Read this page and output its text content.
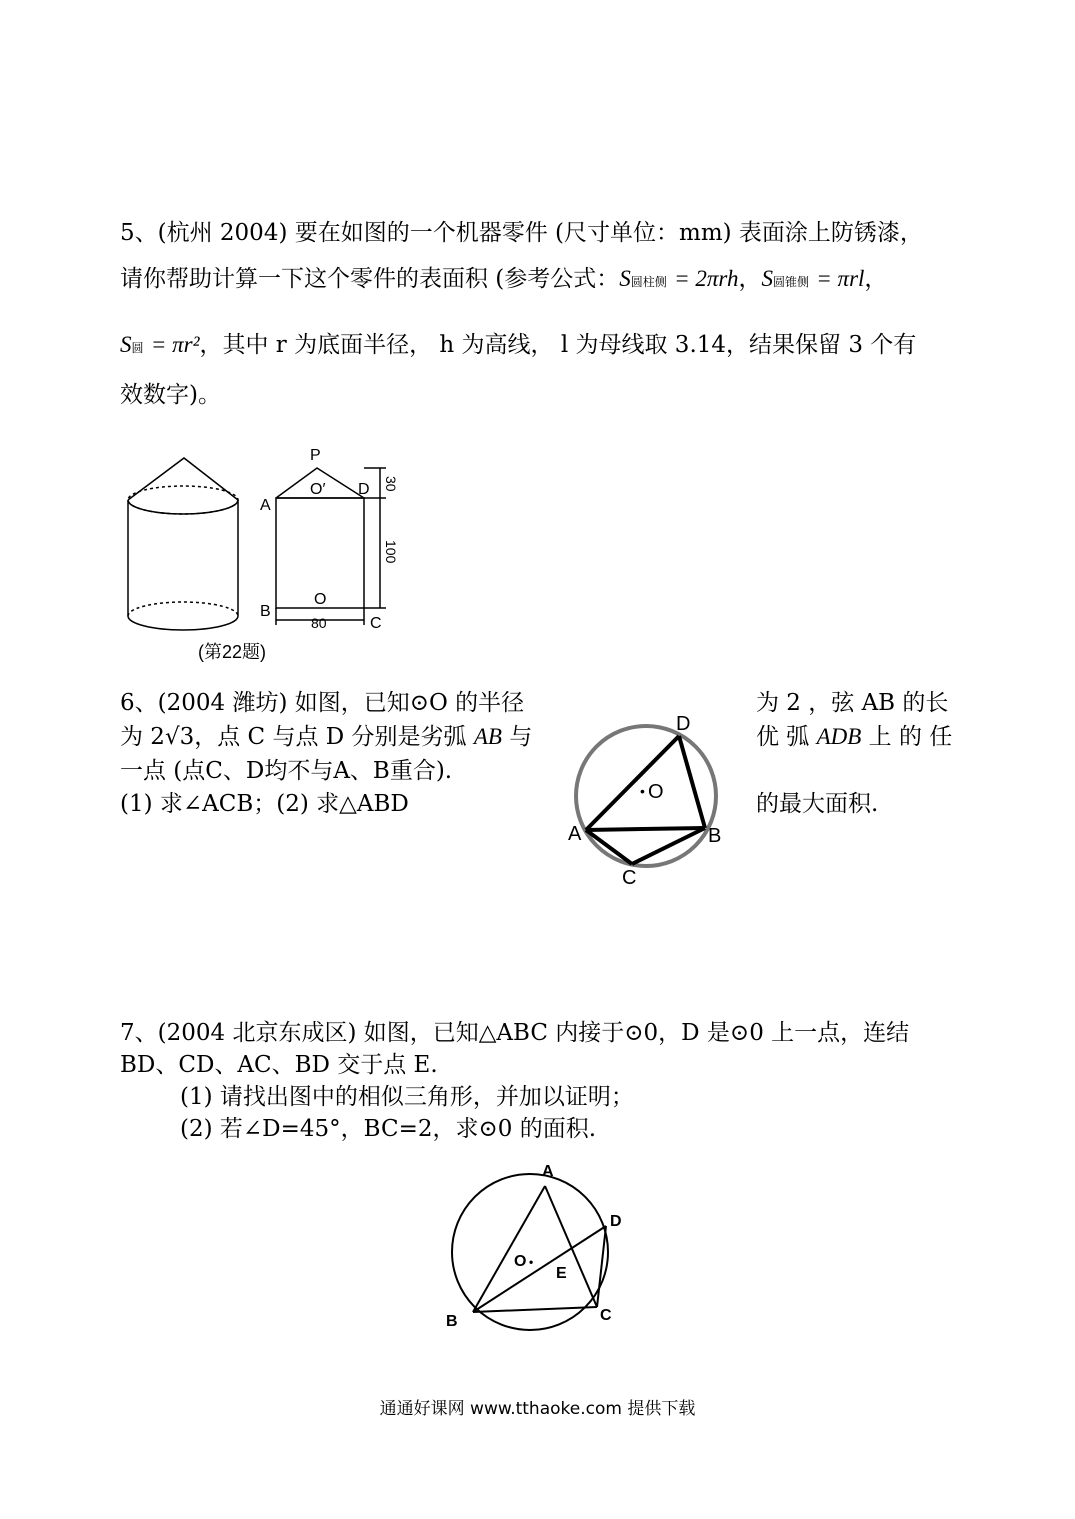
5、(杭州 2004) 要在如图的一个机器零件 (尺寸单位：mm) 表面涂上防锈漆，
请你帮助计算一下这个零件的表面积 (参考公式：S圆柱侧 = 2πrh，S圆锥侧 = πrl，
S圆 = πr²，其中 r 为底面半径， h 为高线， l 为母线取 3.14，结果保留 3 个有
效数字)。
P
O′ D
A
B
O
C
80
30
100
(第22题)
6、(2004 潍坊) 如图，已知⊙O 的半径	为 2 ，弦 AB 的长
为 2√3，点 C 与点 D 分别是劣弧 AB 与	优 弧 ADB 上 的 任
一点 (点C、D均不与A、B重合).
(1) 求∠ACB；(2) 求△ABD	的最大面积.
D
• O
A	B
C
7、(2004 北京东成区) 如图，已知△ABC 内接于⊙0，D 是⊙0 上一点，连结
BD、CD、AC、BD 交于点 E.
(1) 请找出图中的相似三角形，并加以证明；
(2) 若∠D=45°，BC=2，求⊙0 的面积.
A
D
O •
E
B	C
通通好课网 www.tthaoke.com 提供下载
